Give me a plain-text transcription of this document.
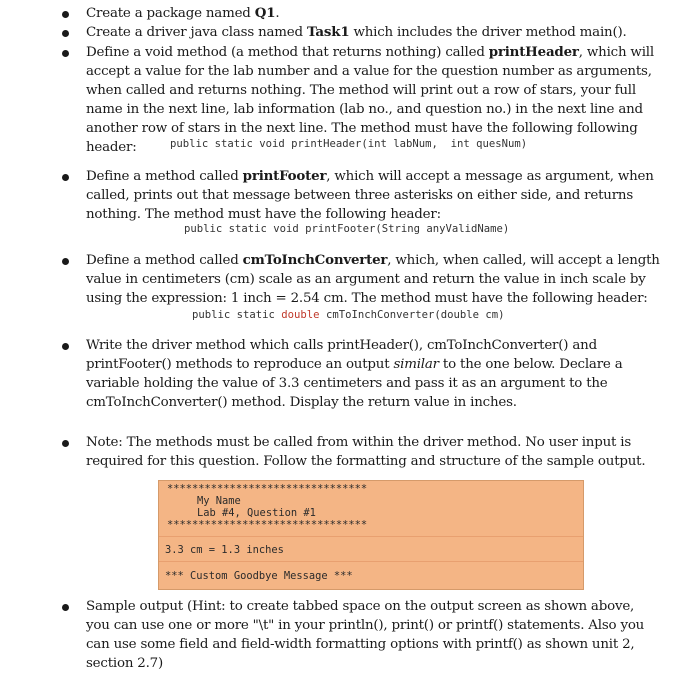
Create a package named Q1.
Create a driver java class named Task1 which includes the driver method main().
Define a void method (a method that returns nothing) called printHeader, which will accept a value for the lab number and a value for the question number as arguments, when called and returns nothing. The method will print out a row of stars, your full name in the next line, lab information (lab no., and question no.) in the next line and another row of stars in the next line. The method must have the following following header:	public static void printHeader(int labNum,  int quesNum)
Define a method called printFooter, which will accept a message as argument, when called, prints out that message between three asterisks on either side, and returns nothing. The method must have the following header:
public static void printFooter(String anyValidName)
Define a method called cmToInchConverter, which, when called, will accept a length value in centimeters (cm) scale as an argument and return the value in inch scale by using the expression: 1 inch = 2.54 cm. The method must have the following header:
public static double cmToInchConverter(double cm)
Write the driver method which calls printHeader(), cmToInchConverter() and printFooter() methods to reproduce an output similar to the one below. Declare a variable holding the value of 3.3 centimeters and pass it as an argument to the cmToInchConverter() method. Display the return value in inches.
Note: The methods must be called from within the driver method. No user input is required for this question. Follow the formatting and structure of the sample output.
********************************
My Name
Lab #4, Question #1
********************************
3.3 cm = 1.3 inches
*** Custom Goodbye Message ***
Sample output (Hint: to create tabbed space on the output screen as shown above, you can use one or more "\t" in your println(), print() or printf() statements. Also you can use some field and field-width formatting options with printf() as shown unit 2, section 2.7)
